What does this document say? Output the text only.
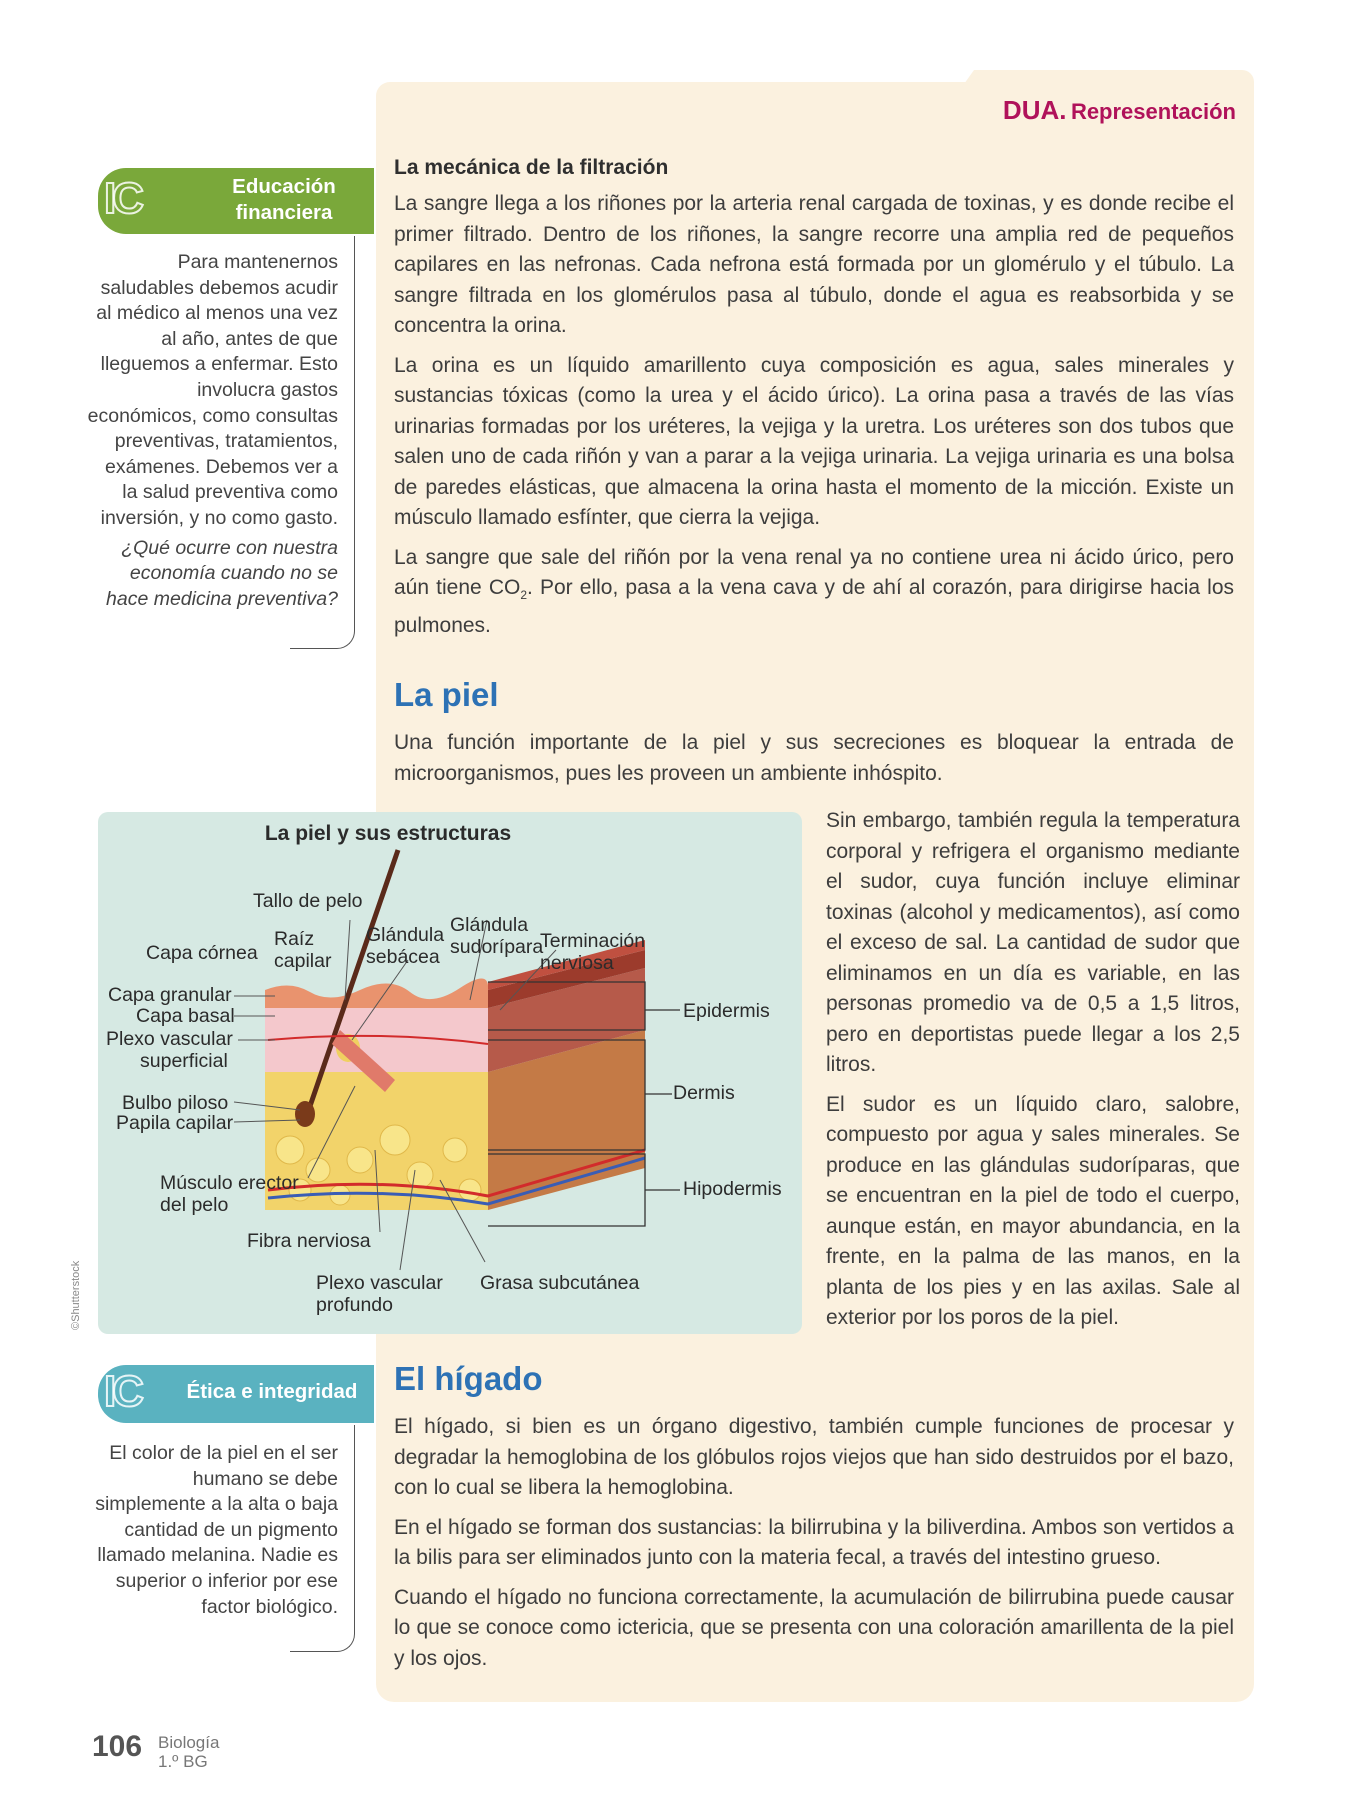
DUA. Representación
La mecánica de la filtración

La sangre llega a los riñones por la arteria renal cargada de toxinas, y es donde recibe el primer filtrado. Dentro de los riñones, la sangre recorre una amplia red de pequeños capilares en las nefronas. Cada nefrona está formada por un glomérulo y el túbulo. La sangre filtrada en los glomérulos pasa al túbulo, donde el agua es reabsorbida y se concentra la orina.

La orina es un líquido amarillento cuya composición es agua, sales minerales y sustancias tóxicas (como la urea y el ácido úrico). La orina pasa a través de las vías urinarias formadas por los uréteres, la vejiga y la uretra. Los uréteres son dos tubos que salen uno de cada riñón y van a parar a la vejiga urinaria. La vejiga urinaria es una bolsa de paredes elásticas, que almacena la orina hasta el momento de la micción. Existe un músculo llamado esfínter, que cierra la vejiga.

La sangre que sale del riñón por la vena renal ya no contiene urea ni ácido úrico, pero aún tiene $CO_2$. Por ello, pasa a la vena cava y de ahí al corazón, para dirigirse hacia los pulmones.

La piel

Una función importante de la piel y sus secreciones es bloquear la entrada de microorganismos, pues les proveen un ambiente inhóspito.

Sin embargo, también regula la temperatura corporal y refrigera el organismo mediante el sudor, cuya función incluye eliminar toxinas (alcohol y medicamentos), así como el exceso de sal. La cantidad de sudor que eliminamos en un día es variable, en las personas promedio va de 0,5 a 1,5 litros, pero en deportistas puede llegar a los 2,5 litros.

El sudor es un líquido claro, salobre, compuesto por agua y sales minerales. Se produce en las glándulas sudoríparas, que se encuentran en la piel de todo el cuerpo, aunque están, en mayor abundancia, en la frente, en la palma de las manos, en la planta de los pies y en las axilas. Sale al exterior por los poros de la piel.

La piel y sus estructuras
©Shutterstock
Tallo de pelo
Raíz
capilar
Glándula
sebácea
Glándula
sudorípara
Terminación
nerviosa
Capa córnea
Capa granular
Capa basal
Plexo vascular
superficial
Bulbo piloso
Papila capilar
Músculo erector
del pelo
Fibra nerviosa
Plexo vascular
profundo
Grasa subcutánea
Epidermis
Dermis
Hipodermis
El hígado

El hígado, si bien es un órgano digestivo, también cumple funciones de procesar y degradar la hemoglobina de los glóbulos rojos viejos que han sido destruidos por el bazo, con lo cual se libera la hemoglobina.

En el hígado se forman dos sustancias: la bilirrubina y la biliverdina. Ambos son vertidos a la bilis para ser eliminados junto con la materia fecal, a través del intestino grueso.

Cuando el hígado no funciona correctamente, la acumulación de bilirrubina puede causar lo que se conoce como ictericia, que se presenta con una coloración amarillenta de la piel y los ojos.

IC	Educación
financiera
Para mantenernos saludables debemos acudir al médico al menos una vez al año, antes de que lleguemos a enfermar. Esto involucra gastos económicos, como consultas preventivas, tratamientos, exámenes. Debemos ver a la salud preventiva como inversión, y no como gasto.
¿Qué ocurre con nuestra economía cuando no se hace medicina preventiva?
IC	Ética e integridad
El color de la piel en el ser humano se debe simplemente a la alta o baja cantidad de un pigmento llamado melanina. Nadie es superior o inferior por ese factor biológico.
106 Biología
1.º BG
